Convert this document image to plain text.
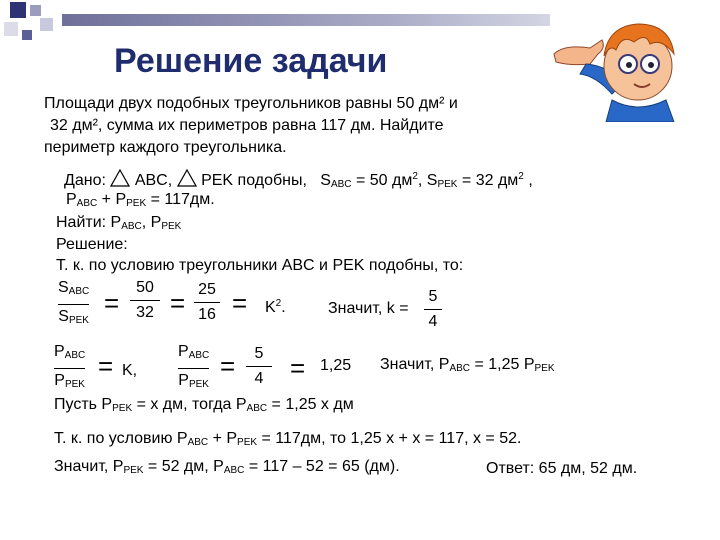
Решение задачи
Площади двух подобных треугольников равны 50 дм² и
32 дм², сумма их периметров равна 117 дм. Найдите
периметр каждого треугольника.
Дано: ABC, PEK подобны, $S_{ABC} = 50$ $дм^2$, $S_{PEK} = 32$ $дм^2$ ,
$P_{ABC} + P_{PEK} = 117дм$.
Найти: $P_{ABC}$, $P_{PEK}$
Решение:
Т. к. по условию треугольники ABC и PEK подобны, то:
$S_{ABC}$
$S_{PEK}$
=
50
32 = 25
$16 = K^2$.	Значит, k =
5
4
$P_{ABC}$
$P_{PEK}$
= K,
$P_{ABC}$
$P_{PEK}$
= 5
4 = 1,25 Значит, $P_{ABC} = 1,25$ $P_{PEK}$
Пусть $P_{PEK} = x$ дм, тогда $P_{ABC} = 1,25$ x дм
Т. к. по условию $P_{ABC} + P_{PEK} = 117дм$, то 1,25 x + x = 117, x = 52.
Значит, $P_{PEK} = 52$ дм, $P_{ABC} = 117 - 52 = 65$ (дм).	Ответ: 65 дм, 52 дм.
